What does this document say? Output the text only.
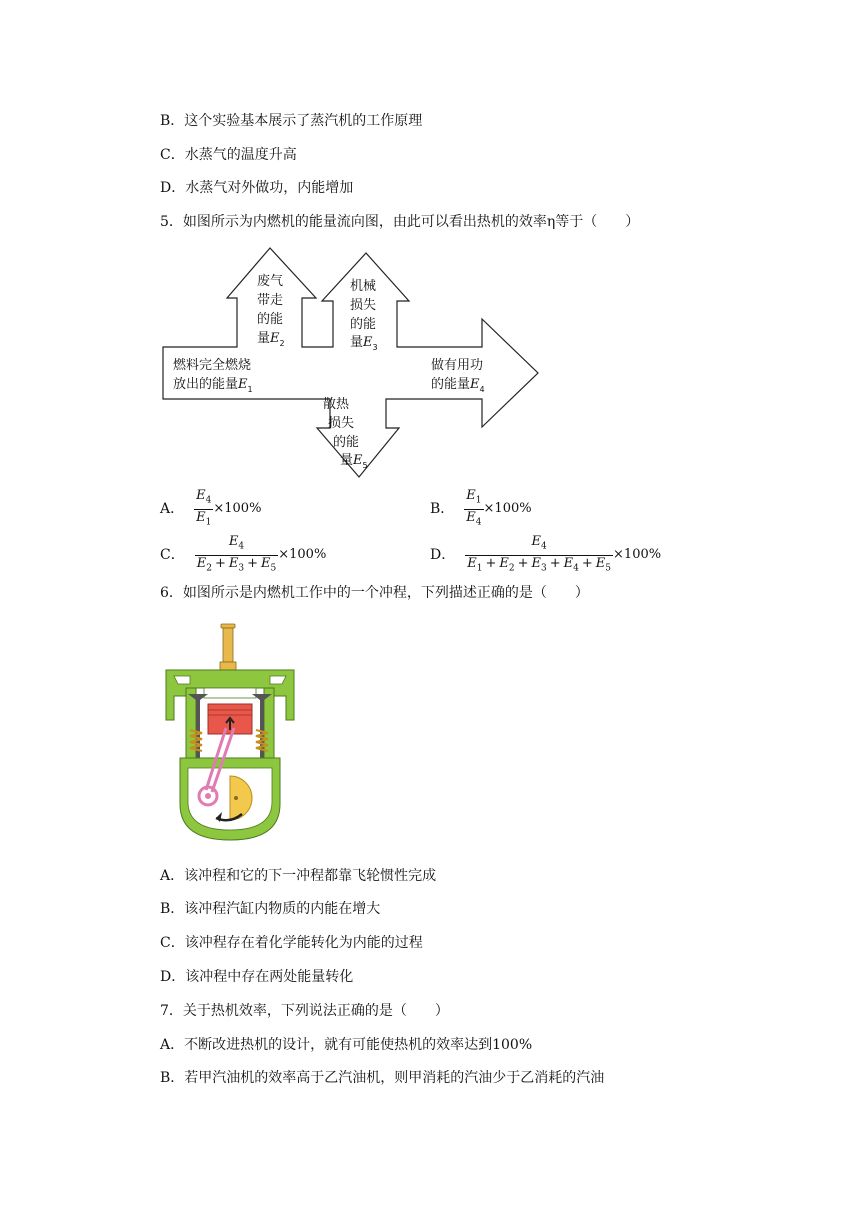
B．这个实验基本展示了蒸汽机的工作原理
C．水蒸气的温度升高
D．水蒸气对外做功，内能增加
5．如图所示为内燃机的能量流向图，由此可以看出热机的效率η等于（　　）
废气
带走
的能
量$E_2$
机械
损失
的能
量$E_3$
燃料完全燃烧
放出的能量$E_1$
做有用功
的能量$E_4$
散热
损失
的能
量$E_5$
A． $\frac{E_4}{E_1} \times 100\%$	B． $\frac{E_1}{E_4} \times 100\%$
C． $\frac{E_4}{E_2 + E_3 + E_5} \times 100\%$	D． $\frac{E_4}{E_1 + E_2 + E_3 + E_4 + E_5} \times 100\%$
6．如图所示是内燃机工作中的一个冲程，下列描述正确的是（　　）
A．该冲程和它的下一冲程都靠飞轮惯性完成
B．该冲程汽缸内物质的内能在增大
C．该冲程存在着化学能转化为内能的过程
D．该冲程中存在两处能量转化
7．关于热机效率，下列说法正确的是（　　）
A．不断改进热机的设计，就有可能使热机的效率达到100%
B．若甲汽油机的效率高于乙汽油机，则甲消耗的汽油少于乙消耗的汽油
